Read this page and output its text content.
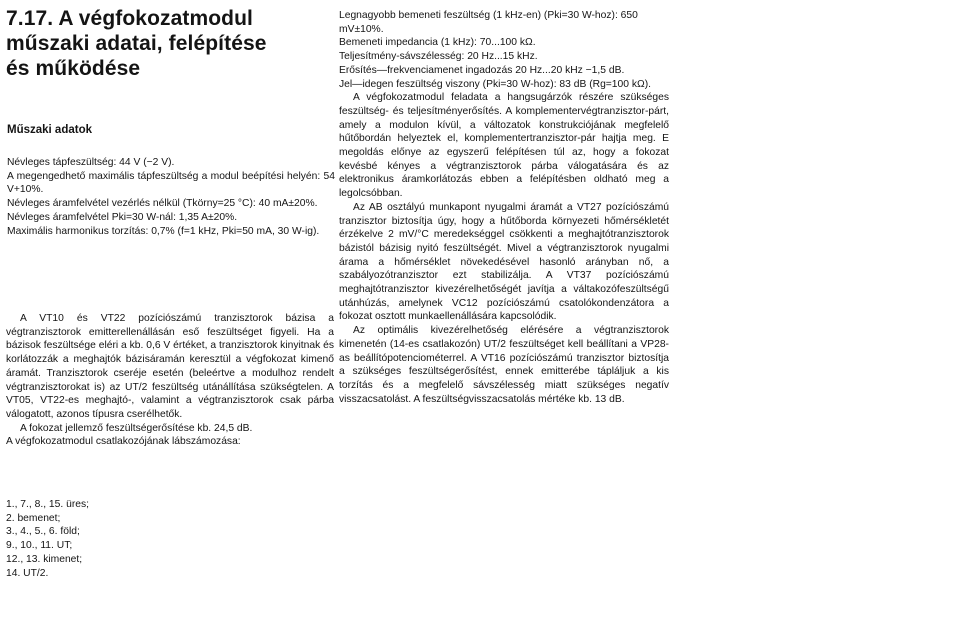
7.17. A végfokozatmodul
műszaki adatai, felépítése
és működése
Műszaki adatok

Névleges tápfeszültség: 44 V (−2 V).

A megengedhető maximális tápfeszültség a modul beépítési helyén: 54 V+10%.

Névleges áramfelvétel vezérlés nélkül (Tkörny=25 °C): 40 mA±20%.

Névleges áramfelvétel Pki=30 W-nál: 1,35 A±20%.

Maximális harmonikus torzítás: 0,7% (f=1 kHz, Pki=50 mA, 30 W-ig).

A VT10 és VT22 pozíciószámú tranzisztorok bázisa a végtranzisztorok emitterellenállásán eső feszültséget figyeli. Ha a bázisok feszültsége eléri a kb. 0,6 V értéket, a tranzisztorok kinyitnak és korlátozzák a meghajtók bázisáramán keresztül a végfokozat kimenő áramát. Tranzisztorok cseréje esetén (beleértve a modulhoz rendelt végtranzisztorokat is) az UT/2 feszültség utánállítása szükségtelen. A VT05, VT22-es meghajtó-, valamint a végtranzisztorok csak párba válogatott, azonos típusra cserélhetők.

A fokozat jellemző feszültségerősítése kb. 24,5 dB.

A végfokozatmodul csatlakozójának lábszámozása:

1., 7., 8., 15. üres;

2. bemenet;

3., 4., 5., 6. föld;

9., 10., 11. UT;

12., 13. kimenet;

14. UT/2.

Legnagyobb bemeneti feszültség (1 kHz-en) (Pki=30 W-hoz): 650 mV±10%.

Bemeneti impedancia (1 kHz): 70...100 kΩ.

Teljesítmény-sávszélesség: 20 Hz...15 kHz.

Erősítés—frekvenciamenet ingadozás 20 Hz...20 kHz −1,5 dB.

Jel—idegen feszültség viszony (Pki=30 W-hoz): 83 dB (Rg=100 kΩ).

A végfokozatmodul feladata a hangsugárzók részére szükséges feszültség- és teljesítményerősítés. A komplementervégtranzisztor-párt, amely a modulon kívül, a változatok konstrukciójának megfelelő hűtőbordán helyeztek el, komplementertranzisztor-pár hajtja meg. E megoldás előnye az egyszerű felépítésen túl az, hogy a fokozat kevésbé kényes a végtranzisztorok párba válogatására és az elektronikus áramkorlátozás ebben a felépítésben oldható meg a legolcsóbban.

Az AB osztályú munkapont nyugalmi áramát a VT27 pozíciószámú tranzisztor biztosítja úgy, hogy a hűtőborda környezeti hőmérsékletét érzékelve 2 mV/°C meredekséggel csökkenti a meghajtótranzisztorok bázistól bázisig nyitó feszültségét. Mivel a végtranzisztorok nyugalmi árama a hőmérséklet növekedésével hasonló arányban nő, a szabályozótranzisztor ezt stabilizálja. A VT37 pozíciószámú meghajtótranzisztor kivezérelhetőségét javítja a váltakozófeszültségű utánhúzás, amelynek VC12 pozíciószámú csatolókondenzátora a fokozat osztott munkaellenállására kapcsolódik.

Az optimális kivezérelhetőség elérésére a végtranzisztorok kimenetén (14-es csatlakozón) UT/2 feszültséget kell beállítani a VP28-as beállítópotenciométerrel. A VT16 pozíciószámú tranzisztor biztosítja a szükséges feszültségerősítést, ennek emitterébe tápláljuk a kis torzítás és a megfelelő sávszélesség miatt szükséges negatív visszacsatolást. A feszültségvisszacsatolás mértéke kb. 13 dB.
